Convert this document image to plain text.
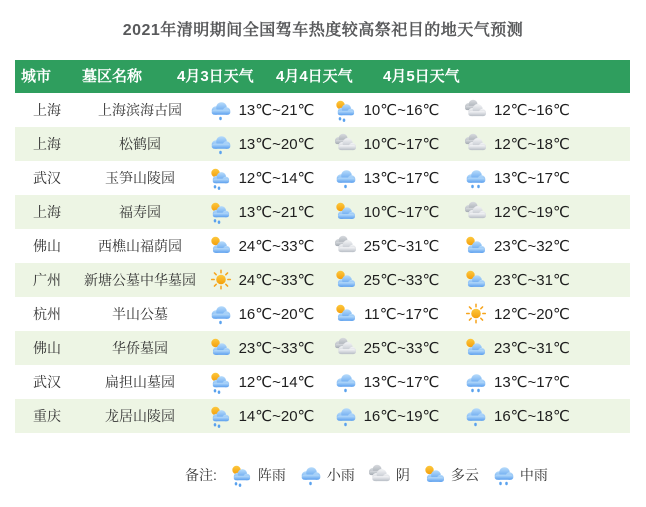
2021年清明期间全国驾车热度较高祭祀目的地天气预测
城市 墓区名称 4月3日天气 4月4日天气 4月5日天气
上海	上海滨海古园	13℃~21℃	10℃~16℃	12℃~16℃
上海	松鹤园	13℃~20℃	10℃~17℃	12℃~18℃
武汉	玉笋山陵园	12℃~14℃	13℃~17℃	13℃~17℃
上海	福寿园	13℃~21℃	10℃~17℃	12℃~19℃
佛山	西樵山福荫园	24℃~33℃	25℃~31℃	23℃~32℃
广州	新塘公墓中华墓园	24℃~33℃	25℃~33℃	23℃~31℃
杭州	半山公墓	16℃~20℃	11℃~17℃	12℃~20℃
佛山	华侨墓园	23℃~33℃	25℃~33℃	23℃~31℃
武汉	扁担山墓园	12℃~14℃	13℃~17℃	13℃~17℃
重庆	龙居山陵园	14℃~20℃	16℃~19℃	16℃~18℃
备注:	阵雨	小雨	阴	多云	中雨
